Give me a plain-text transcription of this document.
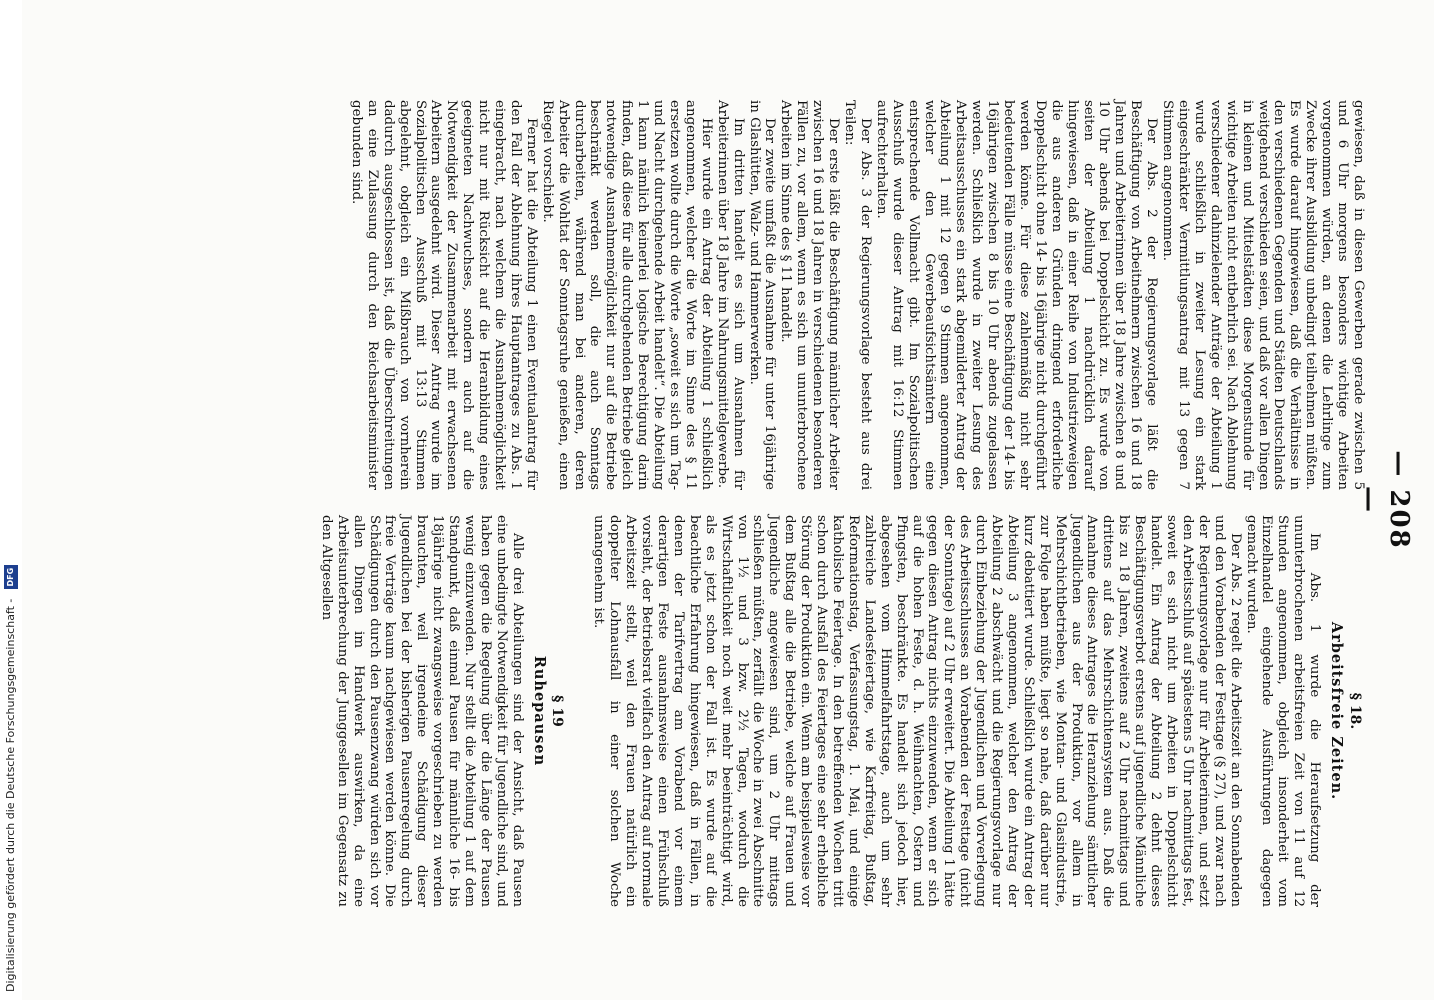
— 208 —

gewiesen, daß in diesen Gewerben gerade zwischen 5 und 6 Uhr morgens besonders wichtige Arbeiten vorgenommen würden, an denen die Lehrlinge zum Zwecke ihrer Ausbildung unbedingt teilnehmen müßten. Es wurde darauf hingewiesen, daß die Verhältnisse in den verschiedenen Gegenden und Städten Deutschlands weitgehend verschieden seien, und daß vor allen Dingen in kleinen und Mittelstädten diese Morgenstunde für wichtige Arbeiten nicht entbehrlich sei. Nach Ablehnung verschiedener dahinzielender Anträge der Abteilung 1 wurde schließlich in zweiter Lesung ein stark eingeschränkter Vermittlungsantrag mit 13 gegen 7 Stimmen angenommen.

Der Abs. 2 der Regierungsvorlage läßt die Beschäftigung von Arbeitnehmern zwischen 16 und 18 Jahren und Arbeiterinnen über 18 Jahre zwischen 8 und 10 Uhr abends bei Doppelschicht zu. Es wurde von seiten der Abteilung 1 nachdrücklich darauf hingewiesen, daß in einer Reihe von Industriezweigen die aus anderen Gründen dringend erforderliche Doppelschicht ohne 14- bis 16jährige nicht durchgeführt werden könne. Für diese zahlenmäßig nicht sehr bedeutenden Fälle müsse eine Beschäftigung der 14- bis 16jährigen zwischen 8 bis 10 Uhr abends zugelassen werden. Schließlich wurde in zweiter Lesung des Arbeitsausschusses ein stark abgemilderter Antrag der Abteilung 1 mit 12 gegen 9 Stimmen angenommen, welcher den Gewerbeaufsichtsämtern eine entsprechende Vollmacht gibt. Im Sozialpolitischen Ausschuß wurde dieser Antrag mit 16:12 Stimmen aufrechterhalten.

Der Abs. 3 der Regierungsvorlage besteht aus drei Teilen:

Der erste läßt die Beschäftigung männlicher Arbeiter zwischen 16 und 18 Jahren in verschiedenen besonderen Fällen zu, vor allem, wenn es sich um ununterbrochene Arbeiten im Sinne des § 11 handelt.

Der zweite umfaßt die Ausnahme für unter 16jährige in Glashütten, Walz- und Hammerwerken.

Im dritten handelt es sich um Ausnahmen für Arbeiterinnen über 18 Jahre im Nahrungsmittelgewerbe.

Hier wurde ein Antrag der Abteilung 1 schließlich angenommen, welcher die Worte im Sinne des § 11 ersetzen wollte durch die Worte „soweit es sich um Tag- und Nacht durchgehende Arbeit handelt“. Die Abteilung 1 kann nämlich keinerlei logische Berechtigung darin finden, daß diese für alle durchgehenden Betriebe gleich notwendige Ausnahmemöglichkeit nur auf die Betriebe beschränkt werden soll, die auch Sonntags durcharbeiten, während man bei anderen, deren Arbeiter die Wohltat der Sonntagsruhe genießen, einen Riegel vorschiebt.

Ferner hat die Abteilung 1 einen Eventualantrag für den Fall der Ablehnung ihres Hauptantrages zu Abs. 1 eingebracht, nach welchem die Ausnahmemöglichkeit nicht nur mit Rücksicht auf die Heranbildung eines geeigneten Nachwuchses, sondern auch auf die Notwendigkeit der Zusammenarbeit mit erwachsenen Arbeitern ausgedehnt wird. Dieser Antrag wurde im Sozialpolitischen Ausschuß mit 13:13 Stimmen abgelehnt, obgleich ein Mißbrauch von vornherein dadurch ausgeschlossen ist, daß die Überschreitungen an eine Zulassung durch den Reichsarbeitsminister gebunden sind.

§ 18.
Arbeitsfreie Zeiten.

Im Abs. 1 wurde die Heraufsetzung der ununterbrochenen arbeitsfreien Zeit von 11 auf 12 Stunden angenommen, obgleich insonderheit vom Einzelhandel eingehende Ausführungen dagegen gemacht wurden.

Der Abs. 2 regelt die Arbeitszeit an den Sonnabenden und den Vorabenden der Festtage (§ 27), und zwar nach der Regierungsvorlage nur für Arbeiterinnen, und setzt den Arbeitsschluß auf spätestens 5 Uhr nachmittags fest, soweit es sich nicht um Arbeiten in Doppelschicht handelt. Ein Antrag der Abteilung 2 dehnt dieses Beschäftigungsverbot erstens auf jugendliche Männliche bis zu 18 Jahren, zweitens auf 2 Uhr nachmittags und drittens auf das Mehrschichtensystem aus. Daß die Annahme dieses Antrages die Heranziehung sämtlicher Jugendlichen aus der Produktion, vor allem in Mehrschichtbetrieben, wie Montan- und Glasindustrie, zur Folge haben müßte, liegt so nahe, daß darüber nur kurz debattiert wurde. Schließlich wurde ein Antrag der Abteilung 3 angenommen, welcher den Antrag der Abteilung 2 abschwächt und die Regierungsvorlage nur durch Einbeziehung der Jugendlichen und Vorverlegung des Arbeitsschlusses an Vorabenden der Festtage (nicht der Sonntage) auf 2 Uhr erweitert. Die Abteilung 1 hätte gegen diesen Antrag nichts einzuwenden, wenn er sich auf die hohen Feste, d. h. Weihnachten, Ostern und Pfingsten, beschränkte. Es handelt sich jedoch hier, abgesehen vom Himmelfahrtstage, auch um sehr zahlreiche Landesfeiertage, wie Karfreitag, Bußtag, Reformationstag, Verfassungstag, 1. Mai, und einige katholische Feiertage. In den betreffenden Wochen tritt schon durch Ausfall des Feiertages eine sehr erhebliche Störung der Produktion ein. Wenn am beispielsweise vor dem Bußtag alle die Betriebe, welche auf Frauen und Jugendliche angewiesen sind, um 2 Uhr mittags schließen müßten, zerfällt die Woche in zwei Abschnitte von 1½ und 3 bzw. 2½ Tagen, wodurch die Wirtschaftlichkeit noch weit mehr beeinträchtigt wird, als es jetzt schon der Fall ist. Es wurde auf die beachtliche Erfahrung hingewiesen, daß in Fällen, in denen der Tarifvertrag am Vorabend vor einem derartigen Feste ausnahmsweise einen Frühschluß vorsieht, der Betriebsrat vielfach den Antrag auf normale Arbeitszeit stellt, weil den Frauen natürlich ein doppelter Lohnausfall in einer solchen Woche unangenehm ist.

§ 19
Ruhepausen

Alle drei Abteilungen sind der Ansicht, daß Pausen eine unbedingte Notwendigkeit für Jugendliche sind, und haben gegen die Regelung über die Länge der Pausen wenig einzuwenden. Nur stellt die Abteilung 1 auf dem Standpunkt, daß einmal Pausen für männliche 16- bis 18jährige nicht zwangsweise vorgeschrieben zu werden brauchten, weil irgendeine Schädigung dieser Jugendlichen bei der bisherigen Pausenregelung durch freie Verträge kaum nachgewiesen werden könne. Die Schädigungen durch den Pausenzwang würden sich vor allen Dingen im Handwerk auswirken, da eine Arbeitsunterbrechung der Junggesellen im Gegensatz zu den Altgesellen

Digitalisierung gefördert durch die Deutsche Forschungsgemeinschaft - DFG
